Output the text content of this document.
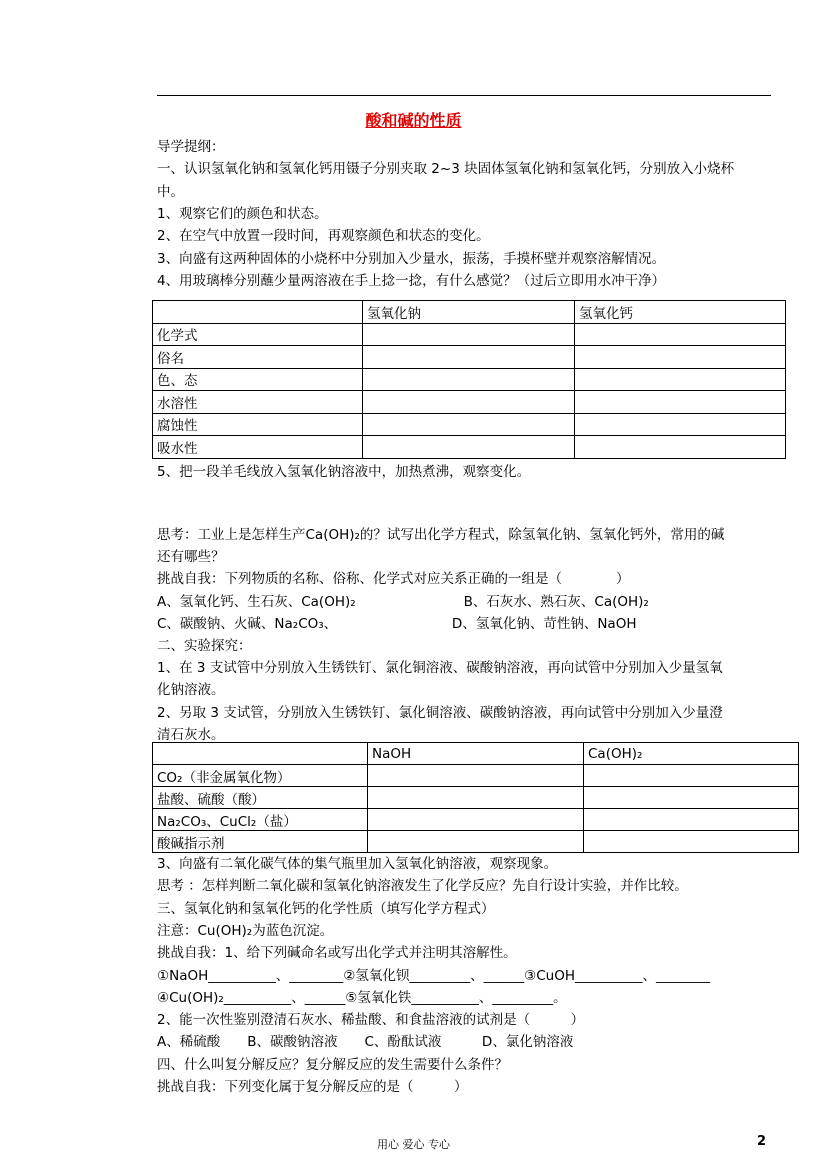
酸和碱的性质
导学提纲：
一、认识氢氧化钠和氢氧化钙用镊子分别夹取 2~3 块固体氢氧化钠和氢氧化钙，分别放入小烧杯
中。
1、观察它们的颜色和状态。
2、在空气中放置一段时间，再观察颜色和状态的变化。
3、向盛有这两种固体的小烧杯中分别加入少量水，振荡，手摸杯壁并观察溶解情况。
4、用玻璃棒分别蘸少量两溶液在手上捻一捻，有什么感觉？（过后立即用水冲干净）
	氢氧化钠	氢氧化钙
化学式		
俗名		
色、态		
水溶性		
腐蚀性		
吸水性		
5、把一段羊毛线放入氢氧化钠溶液中，加热煮沸，观察变化。
思考：工业上是怎样生产Ca(OH)₂的？试写出化学方程式，除氢氧化钠、氢氧化钙外，常用的碱
还有哪些？
挑战自我：下列物质的名称、俗称、化学式对应关系正确的一组是（　　　　）
A、氢氧化钙、生石灰、Ca(OH)₂　　　　　　　　B、石灰水、熟石灰、Ca(OH)₂
C、碳酸钠、火碱、Na₂CO₃、　　　　　　　　　D、氢氧化钠、苛性钠、NaOH
二、实验探究：
1、在 3 支试管中分别放入生锈铁钉、氯化铜溶液、碳酸钠溶液，再向试管中分别加入少量氢氧
化钠溶液。
2、另取 3 支试管，分别放入生锈铁钉、氯化铜溶液、碳酸钠溶液，再向试管中分别加入少量澄
清石灰水。
	NaOH	Ca(OH)₂
CO₂（非金属氧化物）		
盐酸、硫酸（酸）		
Na₂CO₃、CuCl₂（盐）		
酸碱指示剂		
3、向盛有二氧化碳气体的集气瓶里加入氢氧化钠溶液，观察现象。
思考 ：怎样判断二氧化碳和氢氧化钠溶液发生了化学反应？先自行设计实验，并作比较。
三、氢氧化钠和氢氧化钙的化学性质（填写化学方程式）
注意：Cu(OH)₂为蓝色沉淀。
挑战自我：1、给下列碱命名或写出化学式并注明其溶解性。
①NaOH__________、________②氢氧化钡_________、______③CuOH__________、________
④Cu(OH)₂__________、______⑤氢氧化铁__________、_________。
2、能一次性鉴别澄清石灰水、稀盐酸、和食盐溶液的试剂是（　　　）
A、稀硫酸　　B、碳酸钠溶液　　C、酚酞试液　　　D、氯化钠溶液
四、什么叫复分解反应？复分解反应的发生需要什么条件？
挑战自我：下列变化属于复分解反应的是（　　　）
用心 爱心 专心	2
